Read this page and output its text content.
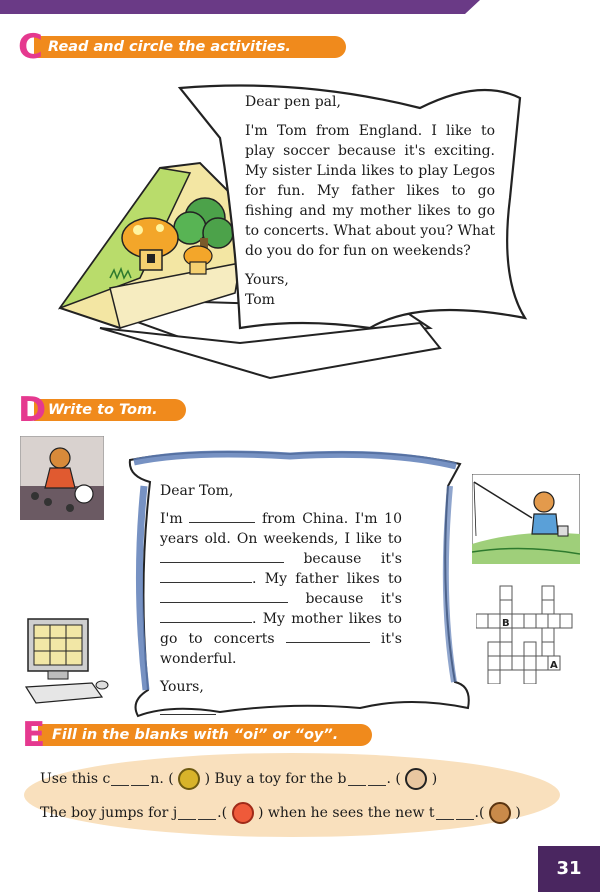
Read and circle the activities.
C

Dear pen pal,

I'm Tom from England. I like to play soccer because it's exciting. My sister Linda likes to play Legos for fun. My father likes to go fishing and my mother likes to go to concerts. What about you? What do you do for fun on weekends?

Yours,

Tom

Write to Tom.
D

Dear Tom,

I'm	from China. I'm 10 years old. On weekends, I like to  because it's . My father likes to  because it's . My mother likes to go to concerts	it's wonderful.

Yours,

B
A
Fill in the blanks with “oi” or “oy”.
E
Use this c	n. ( ) Buy a toy for the b	. ( )
The boy jumps for j	.( ) when he sees the new t	.( )
31
